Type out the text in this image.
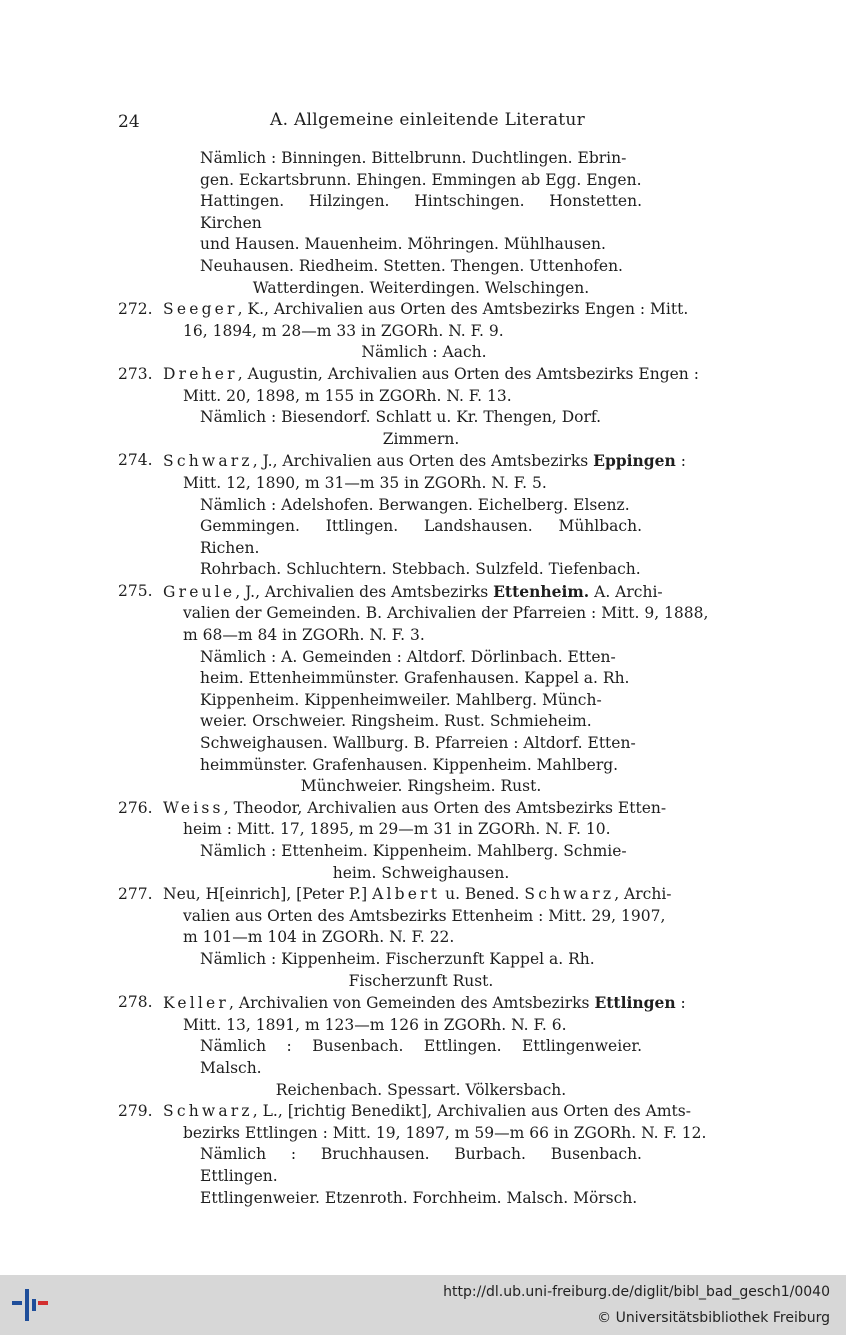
24	A. Allgemeine einleitende Literatur
Nämlich : Binningen. Bittelbrunn. Duchtlingen. Ebrin-
gen. Eckartsbrunn. Ehingen. Emmingen ab Egg. Engen.
Hattingen. Hilzingen. Hintschingen. Honstetten. Kirchen
und Hausen. Mauenheim. Möhringen. Mühlhausen.
Neuhausen. Riedheim. Stetten. Thengen. Uttenhofen.
Watterdingen. Weiterdingen. Welschingen.
272. Seeger, K., Archivalien aus Orten des Amtsbezirks Engen : Mitt.
16, 1894, m 28—m 33 in ZGORh. N. F. 9.
Nämlich : Aach.
273. Dreher, Augustin, Archivalien aus Orten des Amtsbezirks Engen :
Mitt. 20, 1898, m 155 in ZGORh. N. F. 13.
Nämlich : Biesendorf. Schlatt u. Kr. Thengen, Dorf.
Zimmern.
274. Schwarz, J., Archivalien aus Orten des Amtsbezirks Eppingen :
Mitt. 12, 1890, m 31—m 35 in ZGORh. N. F. 5.
Nämlich : Adelshofen. Berwangen. Eichelberg. Elsenz.
Gemmingen. Ittlingen. Landshausen. Mühlbach. Richen.
Rohrbach. Schluchtern. Stebbach. Sulzfeld. Tiefenbach.
275. Greule, J., Archivalien des Amtsbezirks Ettenheim. A. Archi-
valien der Gemeinden. B. Archivalien der Pfarreien : Mitt. 9, 1888,
m 68—m 84 in ZGORh. N. F. 3.
Nämlich : A. Gemeinden : Altdorf. Dörlinbach. Etten-
heim. Ettenheimmünster. Grafenhausen. Kappel a. Rh.
Kippenheim. Kippenheimweiler. Mahlberg. Münch-
weier. Orschweier. Ringsheim. Rust. Schmieheim.
Schweighausen. Wallburg. B. Pfarreien : Altdorf. Etten-
heimmünster. Grafenhausen. Kippenheim. Mahlberg.
Münchweier. Ringsheim. Rust.
276. Weiss, Theodor, Archivalien aus Orten des Amtsbezirks Etten-
heim : Mitt. 17, 1895, m 29—m 31 in ZGORh. N. F. 10.
Nämlich : Ettenheim. Kippenheim. Mahlberg. Schmie-
heim. Schweighausen.
277. Neu, H[einrich], [Peter P.] Albert u. Bened. Schwarz, Archi-
valien aus Orten des Amtsbezirks Ettenheim : Mitt. 29, 1907,
m 101—m 104 in ZGORh. N. F. 22.
Nämlich : Kippenheim. Fischerzunft Kappel a. Rh.
Fischerzunft Rust.
278. Keller, Archivalien von Gemeinden des Amtsbezirks Ettlingen :
Mitt. 13, 1891, m 123—m 126 in ZGORh. N. F. 6.
Nämlich : Busenbach. Ettlingen. Ettlingenweier. Malsch.
Reichenbach. Spessart. Völkersbach.
279. Schwarz, L., [richtig Benedikt], Archivalien aus Orten des Amts-
bezirks Ettlingen : Mitt. 19, 1897, m 59—m 66 in ZGORh. N. F. 12.
Nämlich : Bruchhausen. Burbach. Busenbach. Ettlingen.
Ettlingenweier. Etzenroth. Forchheim. Malsch. Mörsch.
http://dl.ub.uni-freiburg.de/diglit/bibl_bad_gesch1/0040
© Universitätsbibliothek Freiburg
